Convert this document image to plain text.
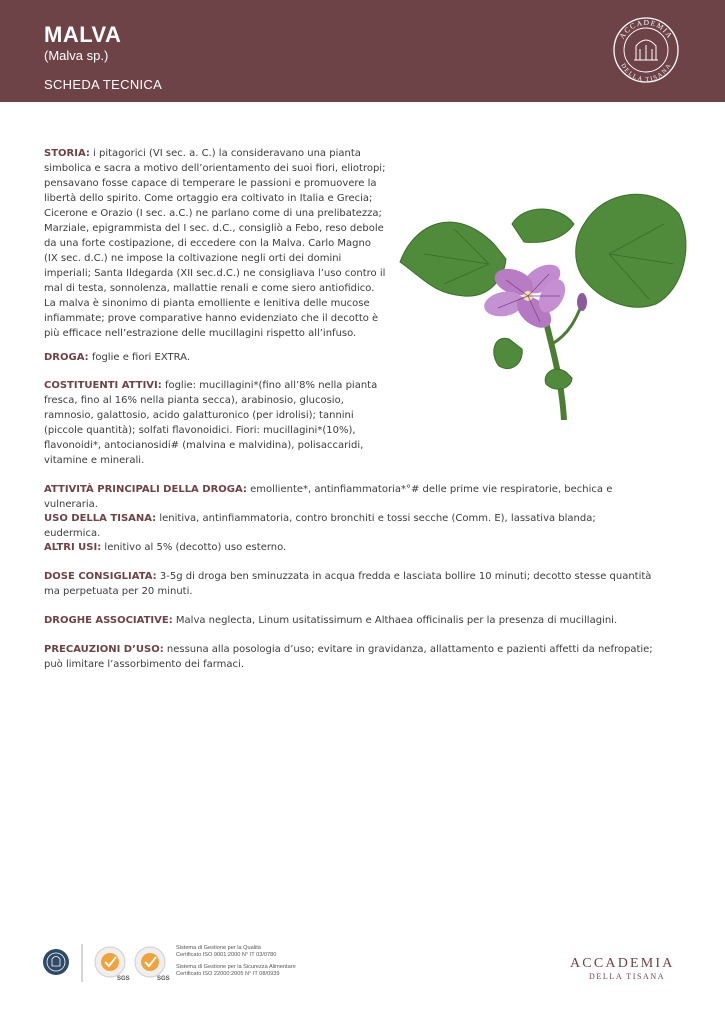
MALVA
(Malva sp.)
SCHEDA TECNICA
ACCADEMIA
DELLA TISANA

STORIA: i pitagorici (VI sec. a. C.) la consideravano una pianta simbolica e sacra a motivo dell’orientamento dei suoi fiori, eliotropi; pensavano fosse capace di temperare le passioni e promuovere la libertà dello spirito. Come ortaggio era coltivato in Italia e Grecia; Cicerone e Orazio (I sec. a.C.) ne parlano come di una prelibatezza; Marziale, epigrammista del I sec. d.C., consigliò a Febo, reso debole da una forte costipazione, di eccedere con la Malva. Carlo Magno (IX sec. d.C.) ne impose la coltivazione negli orti dei domini imperiali; Santa Ildegarda (XII sec.d.C.) ne consigliava l’uso contro il mal di testa, sonnolenza, mallattie renali e come siero antiofidico. La malva è sinonimo di pianta emolliente e lenitiva delle mucose infiammate; prove comparative hanno evidenziato che il decotto è più efficace nell’estrazione delle mucillagini rispetto all’infuso.

DROGA: foglie e fiori EXTRA.

COSTITUENTI ATTIVI: foglie: mucillagini*(fino all’8% nella pianta fresca, fino al 16% nella pianta secca), arabinosio, glucosio, ramnosio, galattosio, acido galatturonico (per idrolisi); tannini (piccole quantità); solfati flavonoidici. Fiori: mucillagini*(10%), flavonoidi*, antocianosidi# (malvina e malvidina), polisaccaridi, vitamine e minerali.

ATTIVITÀ PRINCIPALI DELLA DROGA: emolliente*, antinfiammatoria*°# delle prime vie respiratorie, bechica e vulneraria.

USO DELLA TISANA: lenitiva, antinfiammatoria, contro bronchiti e tossi secche (Comm. E), lassativa blanda; eudermica.

ALTRI USI: lenitivo al 5% (decotto) uso esterno.

DOSE CONSIGLIATA: 3-5g di droga ben sminuzzata in acqua fredda e lasciata bollire 10 minuti; decotto stesse quantità ma perpetuata per 20 minuti.

DROGHE ASSOCIATIVE: Malva neglecta, Linum usitatissimum e Althaea officinalis per la presenza di mucillagini.

PRECAUZIONI D’USO: nessuna alla posologia d’uso; evitare in gravidanza, allattamento e pazienti affetti da nefropatie; può limitare l’assorbimento dei farmaci.

SGS	SGS
Sistema di Gestione per la Qualità
Certificato ISO 9001:2000 N° IT 03/0780
Sistema di Gestione per la Sicurezza Alimentare
Certificato ISO 22000:2005 N° IT 08/0939
ACCADEMIA
DELLA TISANA
